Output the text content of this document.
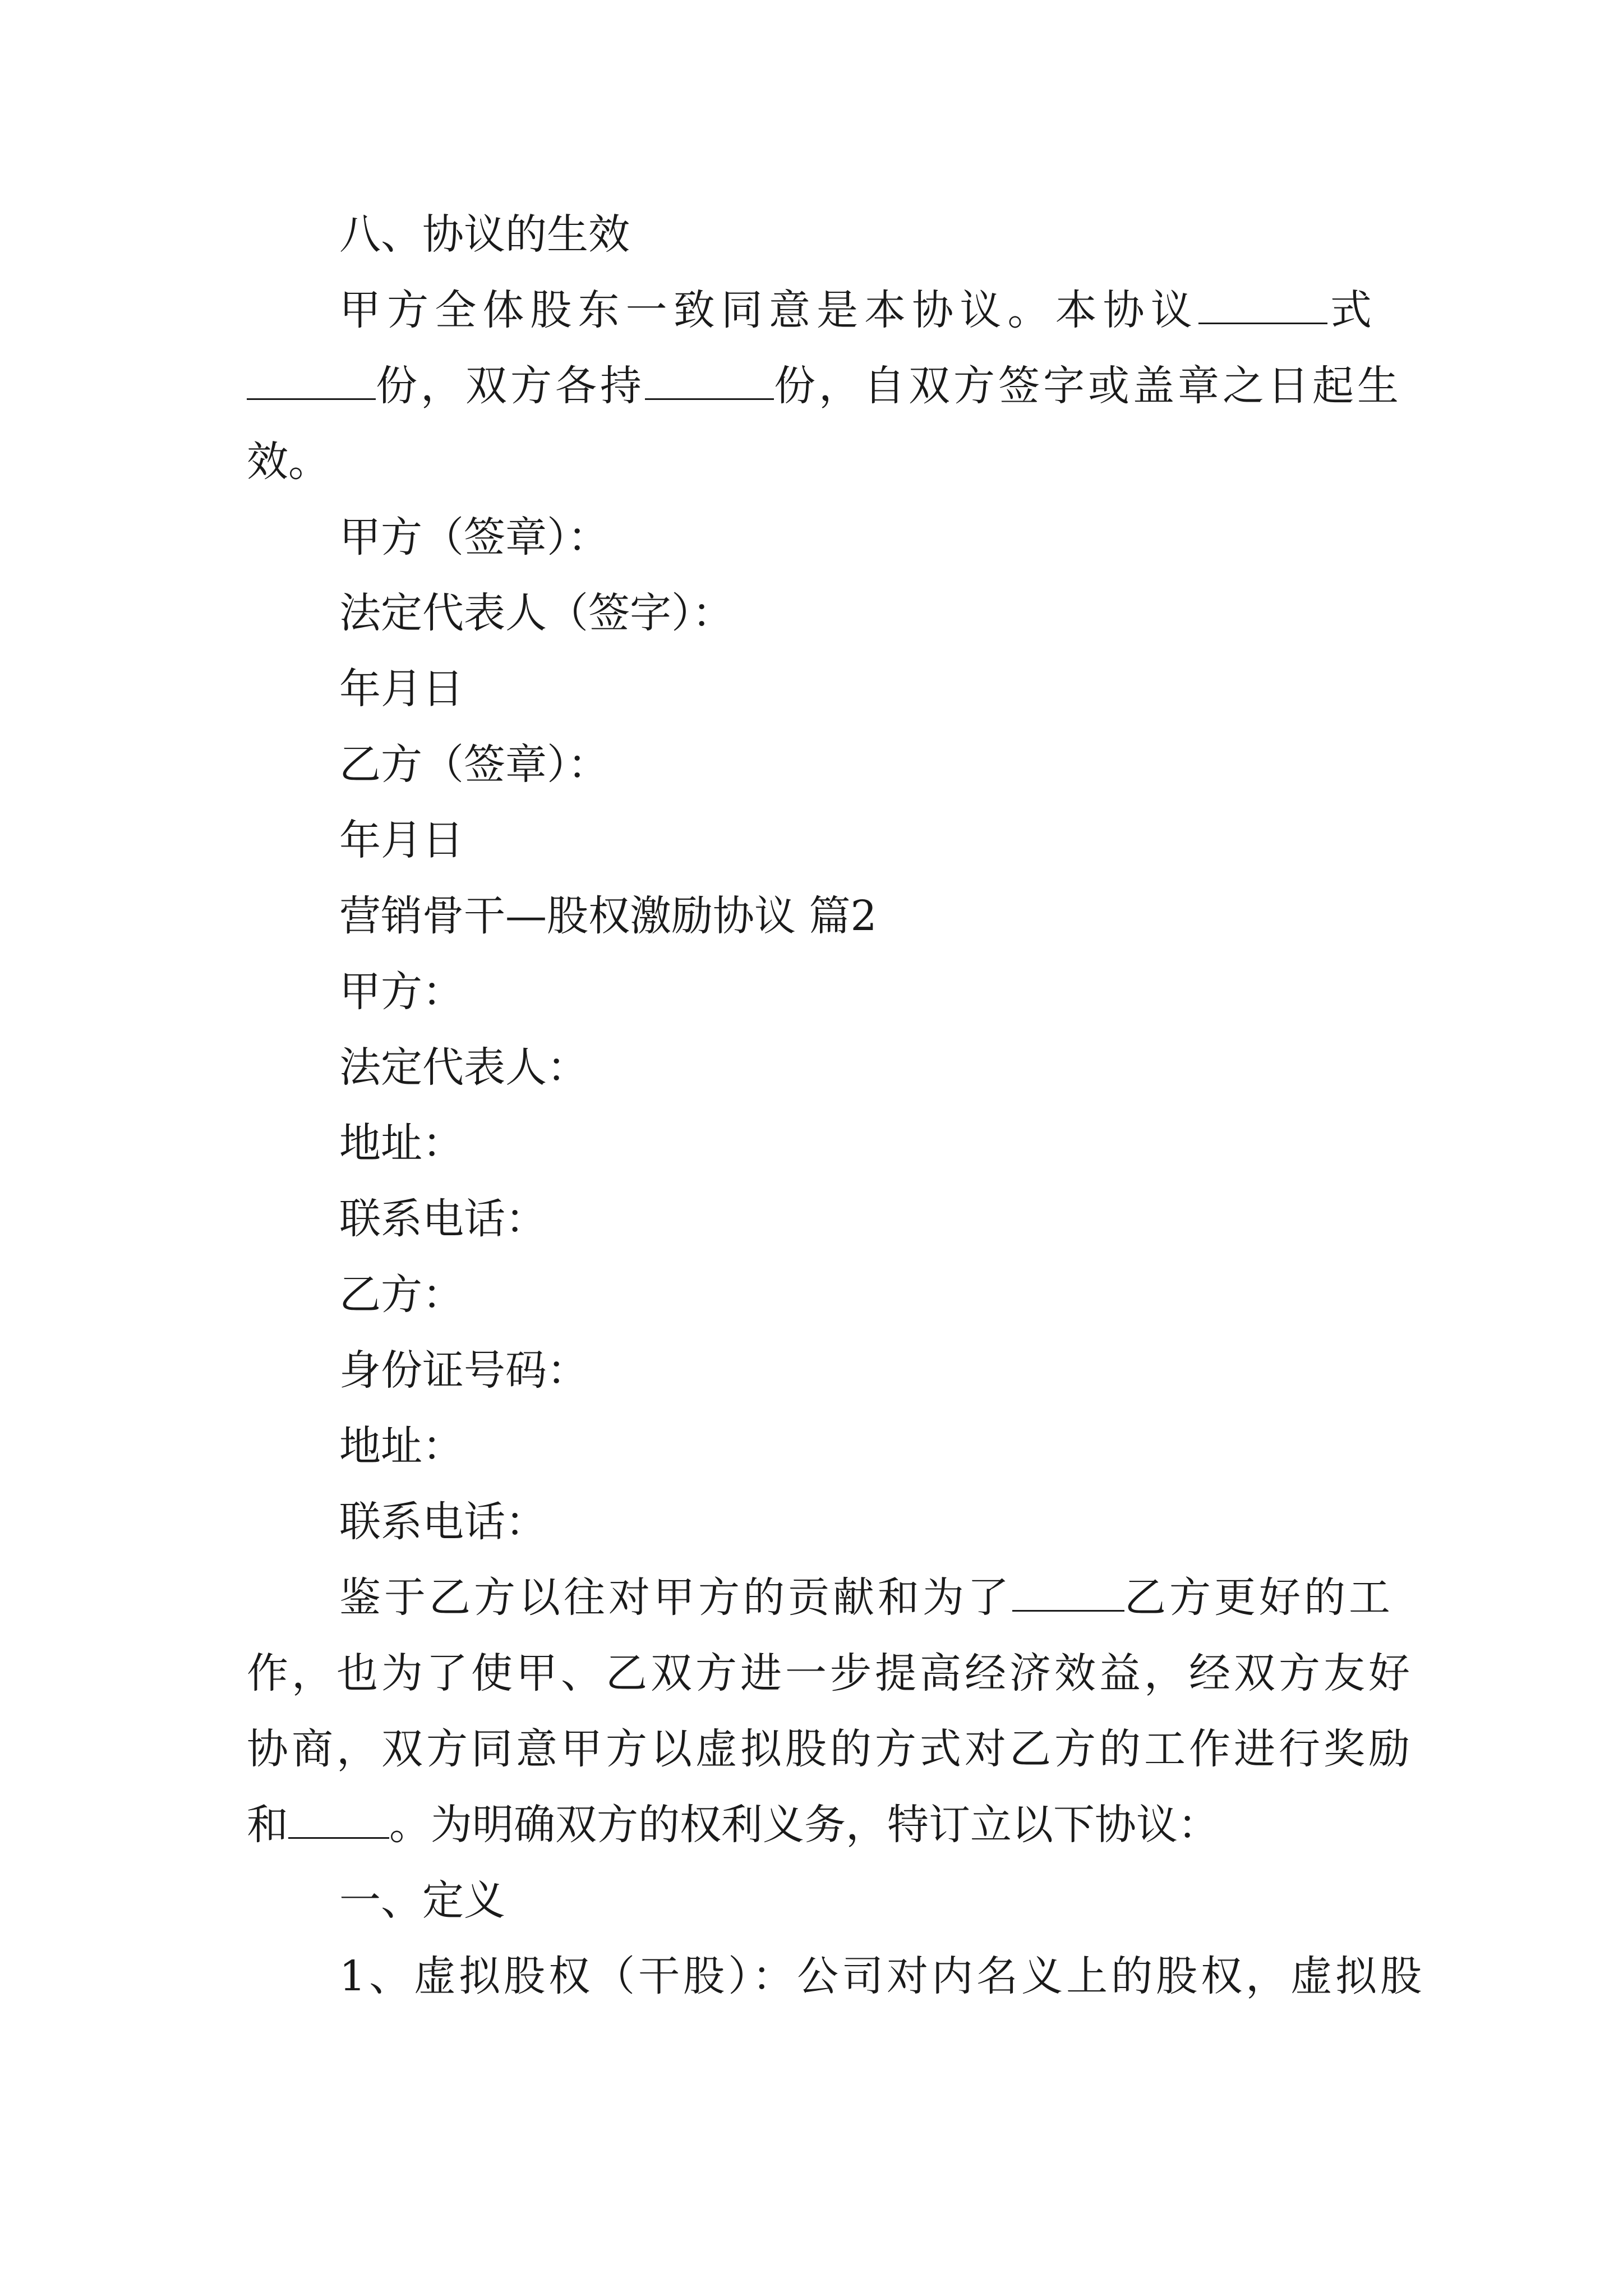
八、协议的生效
甲方全体股东一致同意是本协议。本协议	式
份，双方各持	份，自双方签字或盖章之日起生
效。
甲方（签章）：
法定代表人（签字）：
年月日
乙方（签章）：
年月日
营销骨干—股权激励协议 篇2
甲方：
法定代表人：
地址：
联系电话：
乙方：
身份证号码：
地址：
联系电话：
鉴于乙方以往对甲方的贡献和为了	乙方更好的工
作，也为了使甲、乙双方进一步提高经济效益，经双方友好
协商，双方同意甲方以虚拟股的方式对乙方的工作进行奖励
和 。为明确双方的权利义务，特订立以下协议：
一、定义
1、虚拟股权（干股）：公司对内名义上的股权，虚拟股
